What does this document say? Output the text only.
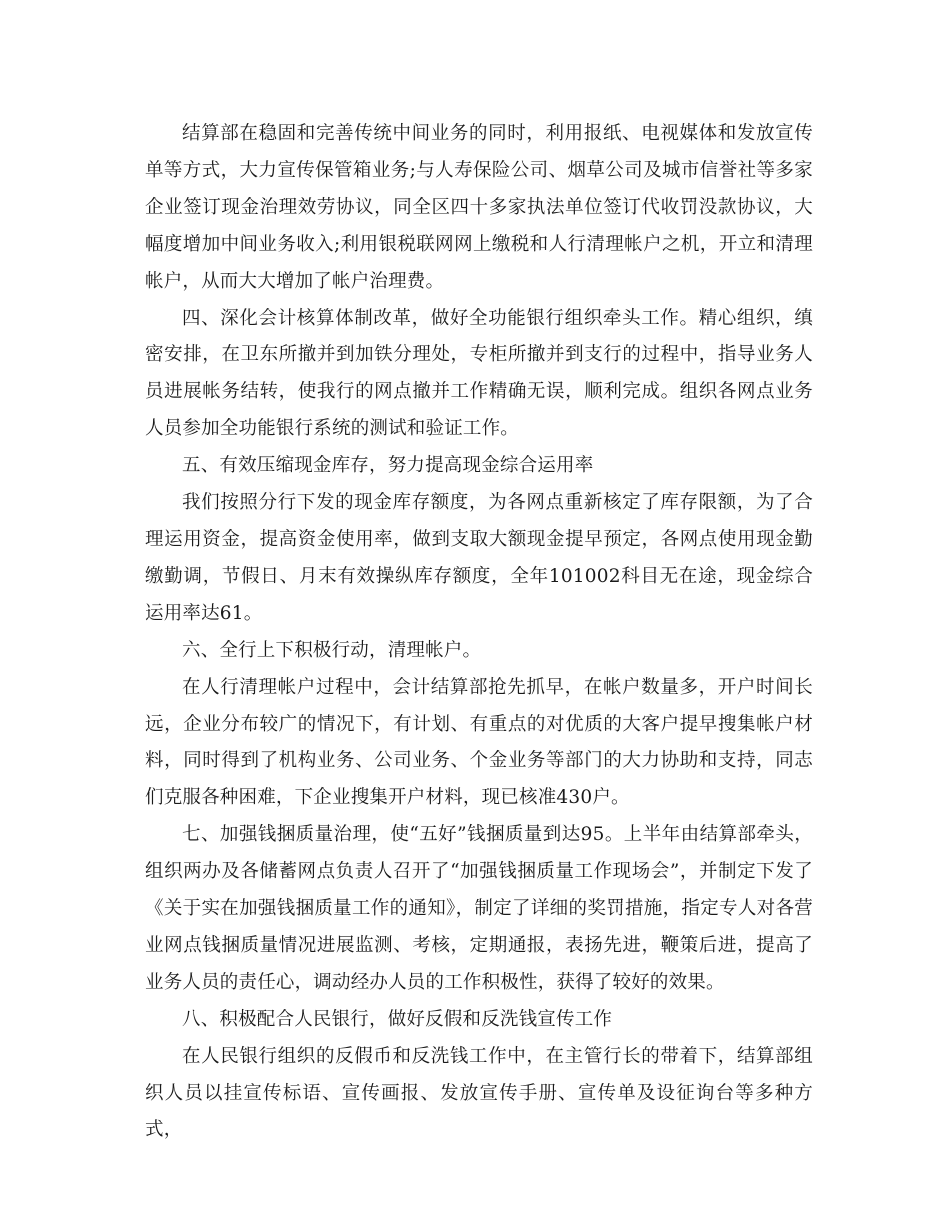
结算部在稳固和完善传统中间业务的同时，利用报纸、电视媒体和发放宣传单等方式，大力宣传保管箱业务;与人寿保险公司、烟草公司及城市信誉社等多家企业签订现金治理效劳协议，同全区四十多家执法单位签订代收罚没款协议，大幅度增加中间业务收入;利用银税联网网上缴税和人行清理帐户之机，开立和清理帐户，从而大大增加了帐户治理费。

四、深化会计核算体制改革，做好全功能银行组织牵头工作。精心组织，缜密安排，在卫东所撤并到加铁分理处，专柜所撤并到支行的过程中，指导业务人员进展帐务结转，使我行的网点撤并工作精确无误，顺利完成。组织各网点业务人员参加全功能银行系统的测试和验证工作。

五、有效压缩现金库存，努力提高现金综合运用率

我们按照分行下发的现金库存额度，为各网点重新核定了库存限额，为了合理运用资金，提高资金使用率，做到支取大额现金提早预定，各网点使用现金勤缴勤调，节假日、月末有效操纵库存额度，全年101002科目无在途，现金综合运用率达61。

六、全行上下积极行动，清理帐户。

在人行清理帐户过程中，会计结算部抢先抓早，在帐户数量多，开户时间长远，企业分布较广的情况下，有计划、有重点的对优质的大客户提早搜集帐户材料，同时得到了机构业务、公司业务、个金业务等部门的大力协助和支持，同志们克服各种困难，下企业搜集开户材料，现已核准430户。

七、加强钱捆质量治理，使“五好”钱捆质量到达95。上半年由结算部牵头，组织两办及各储蓄网点负责人召开了“加强钱捆质量工作现场会”，并制定下发了《关于实在加强钱捆质量工作的通知》，制定了详细的奖罚措施，指定专人对各营业网点钱捆质量情况进展监测、考核，定期通报，表扬先进，鞭策后进，提高了业务人员的责任心，调动经办人员的工作积极性，获得了较好的效果。

八、积极配合人民银行，做好反假和反洗钱宣传工作

在人民银行组织的反假币和反洗钱工作中，在主管行长的带着下，结算部组织人员以挂宣传标语、宣传画报、发放宣传手册、宣传单及设征询台等多种方式，
